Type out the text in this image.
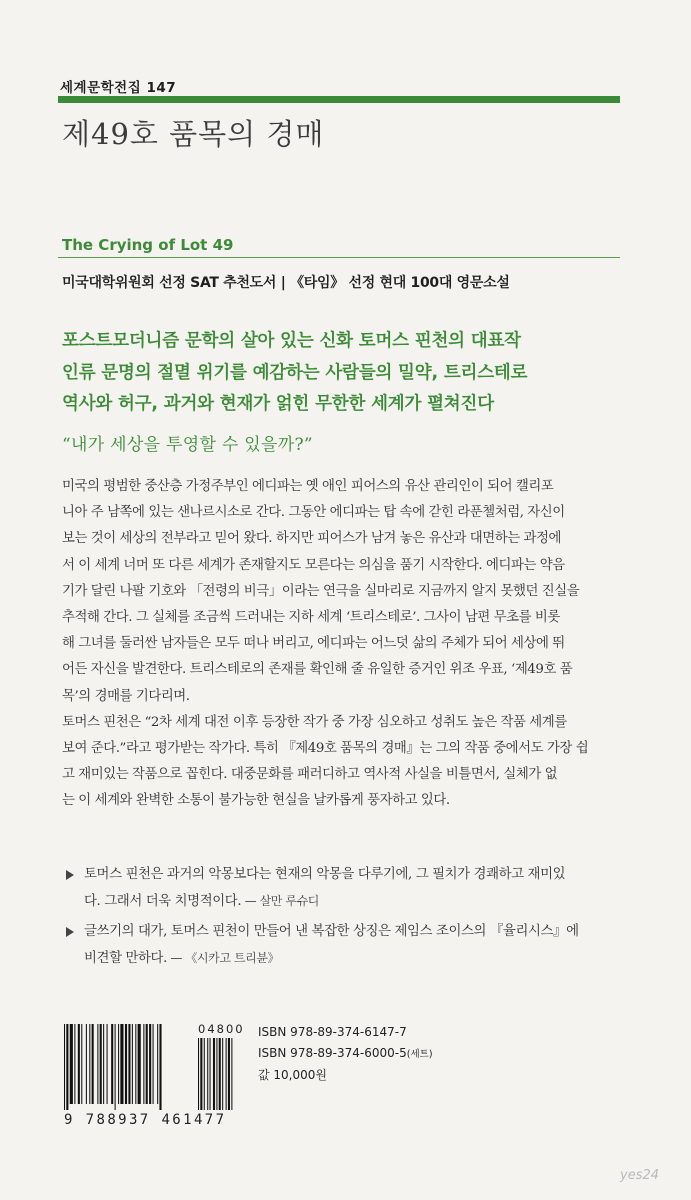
세계문학전집 147
제49호 품목의 경매
The Crying of Lot 49
미국대학위원회 선정 SAT 추천도서 | 《타임》 선정 현대 100대 영문소설
포스트모더니즘 문학의 살아 있는 신화 토머스 핀천의 대표작
인류 문명의 절멸 위기를 예감하는 사람들의 밀약, 트리스테로
역사와 허구, 과거와 현재가 얽힌 무한한 세계가 펼쳐진다
“내가 세상을 투영할 수 있을까?”
미국의 평범한 중산층 가정주부인 에디파는 옛 애인 피어스의 유산 관리인이 되어 캘리포
니아 주 남쪽에 있는 샌나르시소로 간다. 그동안 에디파는 탑 속에 갇힌 라푼첼처럼, 자신이
보는 것이 세상의 전부라고 믿어 왔다. 하지만 피어스가 남겨 놓은 유산과 대면하는 과정에
서 이 세계 너머 또 다른 세계가 존재할지도 모른다는 의심을 품기 시작한다. 에디파는 약음
기가 달린 나팔 기호와 「전령의 비극」이라는 연극을 실마리로 지금까지 알지 못했던 진실을
추적해 간다. 그 실체를 조금씩 드러내는 지하 세계 ‘트리스테로’. 그사이 남편 무초를 비롯
해 그녀를 둘러싼 남자들은 모두 떠나 버리고, 에디파는 어느덧 삶의 주체가 되어 세상에 뛰
어든 자신을 발견한다. 트리스테로의 존재를 확인해 줄 유일한 증거인 위조 우표, ‘제49호 품
목’의 경매를 기다리며.
토머스 핀천은 “2차 세계 대전 이후 등장한 작가 중 가장 심오하고 성취도 높은 작품 세계를
보여 준다.”라고 평가받는 작가다. 특히 『제49호 품목의 경매』는 그의 작품 중에서도 가장 쉽
고 재미있는 작품으로 꼽힌다. 대중문화를 패러디하고 역사적 사실을 비틀면서, 실체가 없
는 이 세계와 완벽한 소통이 불가능한 현실을 날카롭게 풍자하고 있다.
토머스 핀천은 과거의 악몽보다는 현재의 악몽을 다루기에, 그 필치가 경쾌하고 재미있
다. 그래서 더욱 치명적이다. — 살만 루슈디
글쓰기의 대가, 토머스 핀천이 만들어 낸 복잡한 상징은 제임스 조이스의 『율리시스』에
비견할 만하다. — 《시카고 트리뷴》
04800
9 788937 461477
ISBN 978-89-374-6147-7
ISBN 978-89-374-6000-5(세트)
값 10,000원
yes24
